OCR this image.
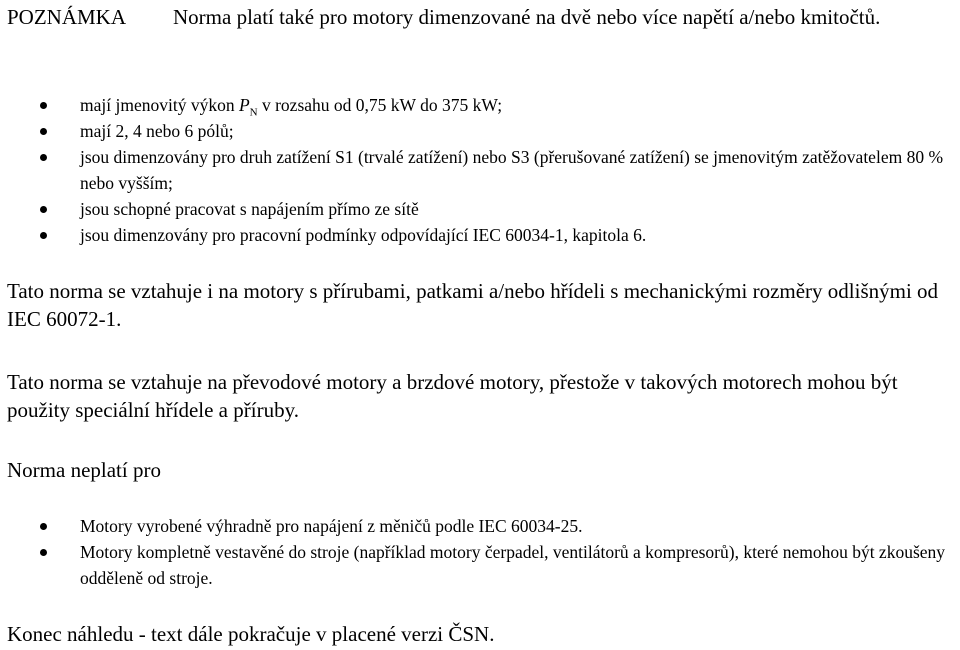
POZNÁMKA Norma platí také pro motory dimenzované na dvě nebo více napětí a/nebo kmitočtů.
mají jmenovitý výkon $P_N$ v rozsahu od 0,75 kW do 375 kW;
mají 2, 4 nebo 6 pólů;
jsou dimenzovány pro druh zatížení S1 (trvalé zatížení) nebo S3 (přerušované zatížení) se jmenovitým zatěžovatelem 80 % nebo vyšším;
jsou schopné pracovat s napájením přímo ze sítě
jsou dimenzovány pro pracovní podmínky odpovídající IEC 60034-1, kapitola 6.

Tato norma se vztahuje i na motory s přírubami, patkami a/nebo hřídeli s mechanickými rozměry odlišnými od IEC 60072-1.

Tato norma se vztahuje na převodové motory a brzdové motory, přestože v takových motorech mohou být použity speciální hřídele a příruby.

Norma neplatí pro

Motory vyrobené výhradně pro napájení z měničů podle IEC 60034-25.
Motory kompletně vestavěné do stroje (například motory čerpadel, ventilátorů a kompresorů), které nemohou být zkoušeny odděleně od stroje.

Konec náhledu - text dále pokračuje v placené verzi ČSN.
